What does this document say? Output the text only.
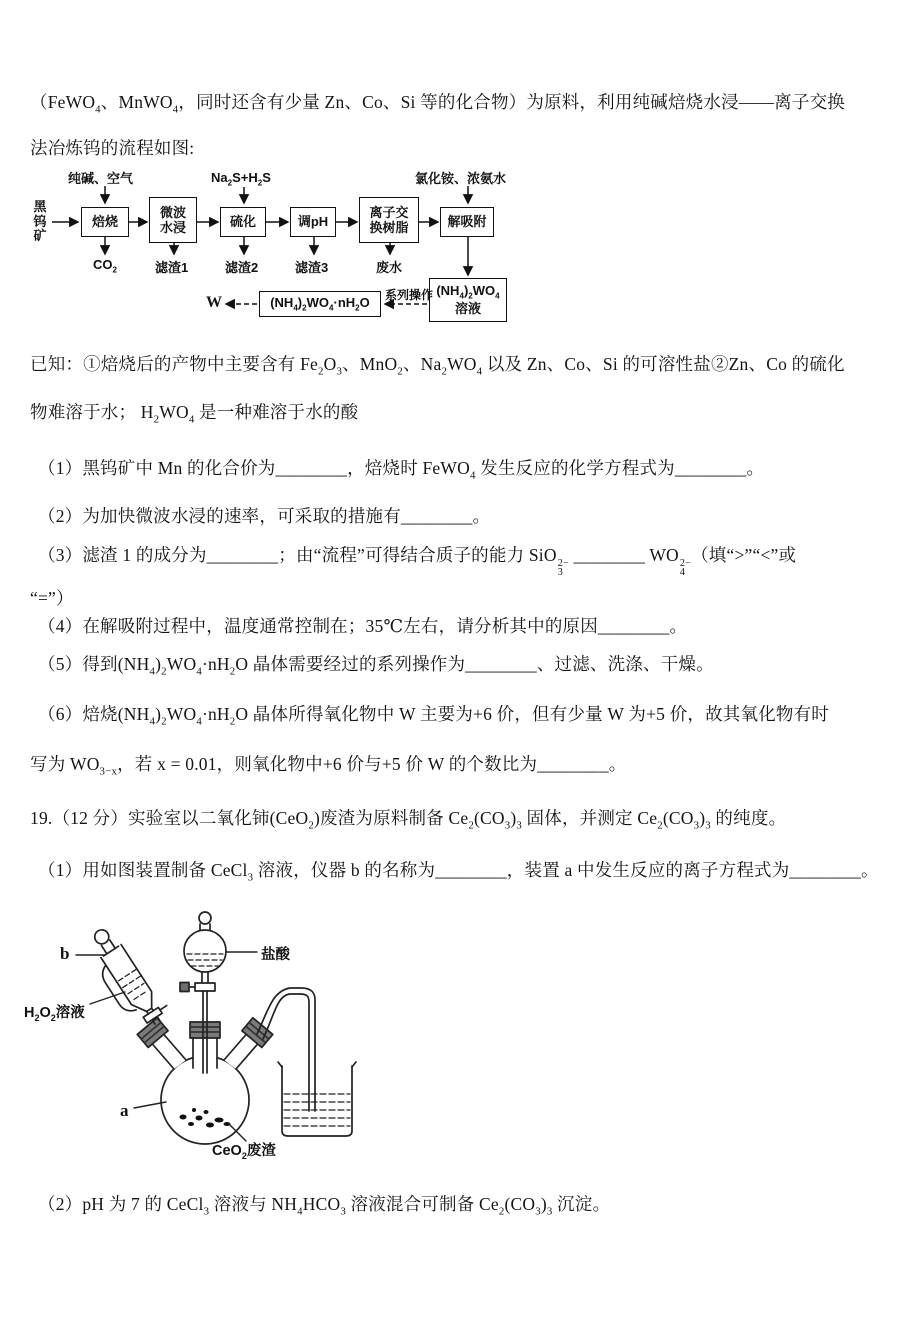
（FeWO$_4$、MnWO$_4$，同时还含有少量 Zn、Co、Si 等的化合物）为原料，利用纯碱焙烧水浸——离子交换
法冶炼钨的流程如图:
黑钨矿
纯碱、空气	$Na_2S+H_2S$	氯化铵、浓氨水
焙烧
微波水浸	硫化	调pH
离子交换树脂	解吸附
$(NH_4)_2WO_4$溶液
$(NH_4)_2WO_4\cdot nH_2O$
$CO_2$	滤渣1	滤渣2	滤渣3	废水
系列操作
W
已知：①焙烧后的产物中主要含有 $Fe_2O_3$、MnO$_2$、$Na_2WO_4$ 以及 Zn、Co、Si 的可溶性盐②Zn、Co 的硫化
物难溶于水； $H_2WO_4$ 是一种难溶于水的酸
（1）黑钨矿中 Mn 的化合价为________，焙烧时 FeWO$_4$ 发生反应的化学方程式为________。
（2）为加快微波水浸的速率，可采取的措施有________。
（3）滤渣 1 的成分为________；由“流程”可得结合质子的能力 SiO 2−
3
________ WO 2−
4
（填“>”“<”或
“=”）
（4）在解吸附过程中，温度通常控制在；35℃左右，请分析其中的原因________。
（5）得到$(NH_4)_2WO_4\cdot nH_2O$ 晶体需要经过的系列操作为________、过滤、洗涤、干燥。
（6）焙烧$(NH_4)_2WO_4\cdot nH_2O$ 晶体所得氧化物中 W 主要为+6 价，但有少量 W 为+5 价，故其氧化物有时
写为 $WO_{3-x}$，若 x = 0.01，则氧化物中+6 价与+5 价 W 的个数比为________。
19.（12 分）实验室以二氧化铈(CeO$_2$)废渣为原料制备 $Ce_2(CO_3)_3$ 固体，并测定 $Ce_2(CO_3)_3$ 的纯度。
（1）用如图装置制备 CeCl$_3$ 溶液，仪器 b 的名称为________，装置 a 中发生反应的离子方程式为________。
b
$H_2O_2$溶液
盐酸
a
CeO$_2$废渣
（2）pH 为 7 的 CeCl$_3$ 溶液与 $NH_4HCO_3$ 溶液混合可制备 $Ce_2(CO_3)_3$ 沉淀。
